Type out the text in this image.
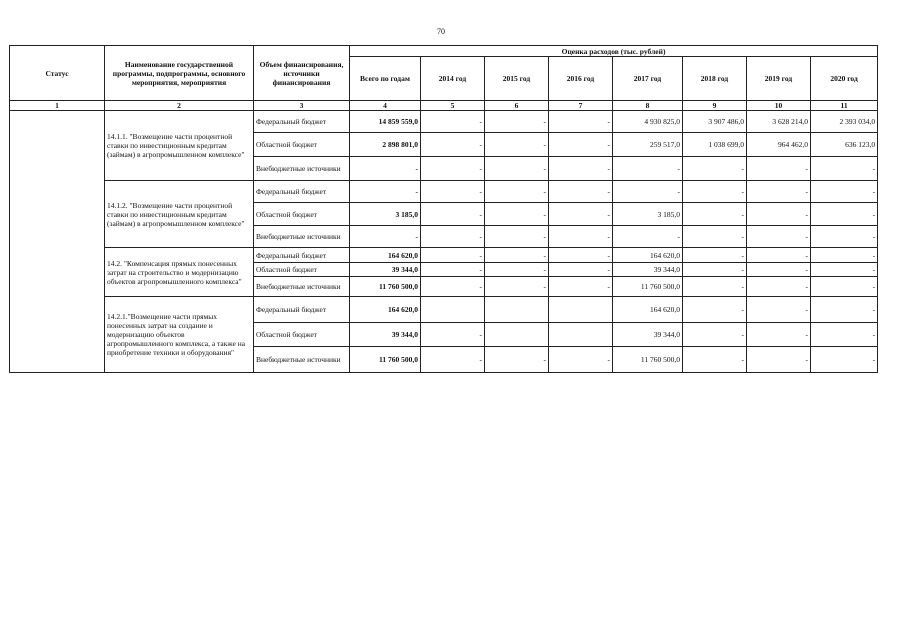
70
Статус	Наименование государственной программы, подпрограммы, основного мероприятия, мероприятия	Объем финансирования, источники финансирования	Оценка расходов (тыс. рублей)							
			Всего по годам	2014 год	2015 год	2016 год	2017 год	2018 год	2019 год	2020 год
1	2	3	4	5	6	7	8	9	10	11
	14.1.1. "Возмещение части процентной ставки по инвестиционным кредитам (займам) в агропромышленном комплексе"	Федеральный бюджет	14 859 559,0	-	-	-	4 930 825,0	3 907 486,0	3 628 214,0	2 393 034,0
		Областной бюджет	2 898 801,0	-	-	-	259 517,0	1 038 699,0	964 462,0	636 123,0
		Внебюджетные источники	-	-	-	-	-	-	-	-
	14.1.2. "Возмещение части процентной ставки по инвестиционным кредитам (займам) в агропромышленном комплексе"	Федеральный бюджет	-	-	-	-	-	-	-	-
		Областной бюджет	3 185,0	-	-	-	3 185,0	-	-	-
		Внебюджетные источники	-	-	-	-	-	-	-	-
	14.2. "Компенсация прямых понесенных затрат на строительство и модернизацию объектов агропромышленного комплекса"	Федеральный бюджет	164 620,0	-	-	-	164 620,0	-	-	-
		Областной бюджет	39 344,0	-	-	-	39 344,0	-	-	-
		Внебюджетные источники	11 760 500,0	-	-	-	11 760 500,0	-	-	-
	14.2.1."Возмещение части прямых понесенных затрат на создание и модернизацию объектов агропромышленного комплекса, а также на приобретение техники и оборудования"	Федеральный бюджет	164 620,0				164 620,0	-	-	-
		Областной бюджет	39 344,0	-			39 344,0	-	-	-
		Внебюджетные источники	11 760 500,0	-	-	-	11 760 500,0	-	-	-
